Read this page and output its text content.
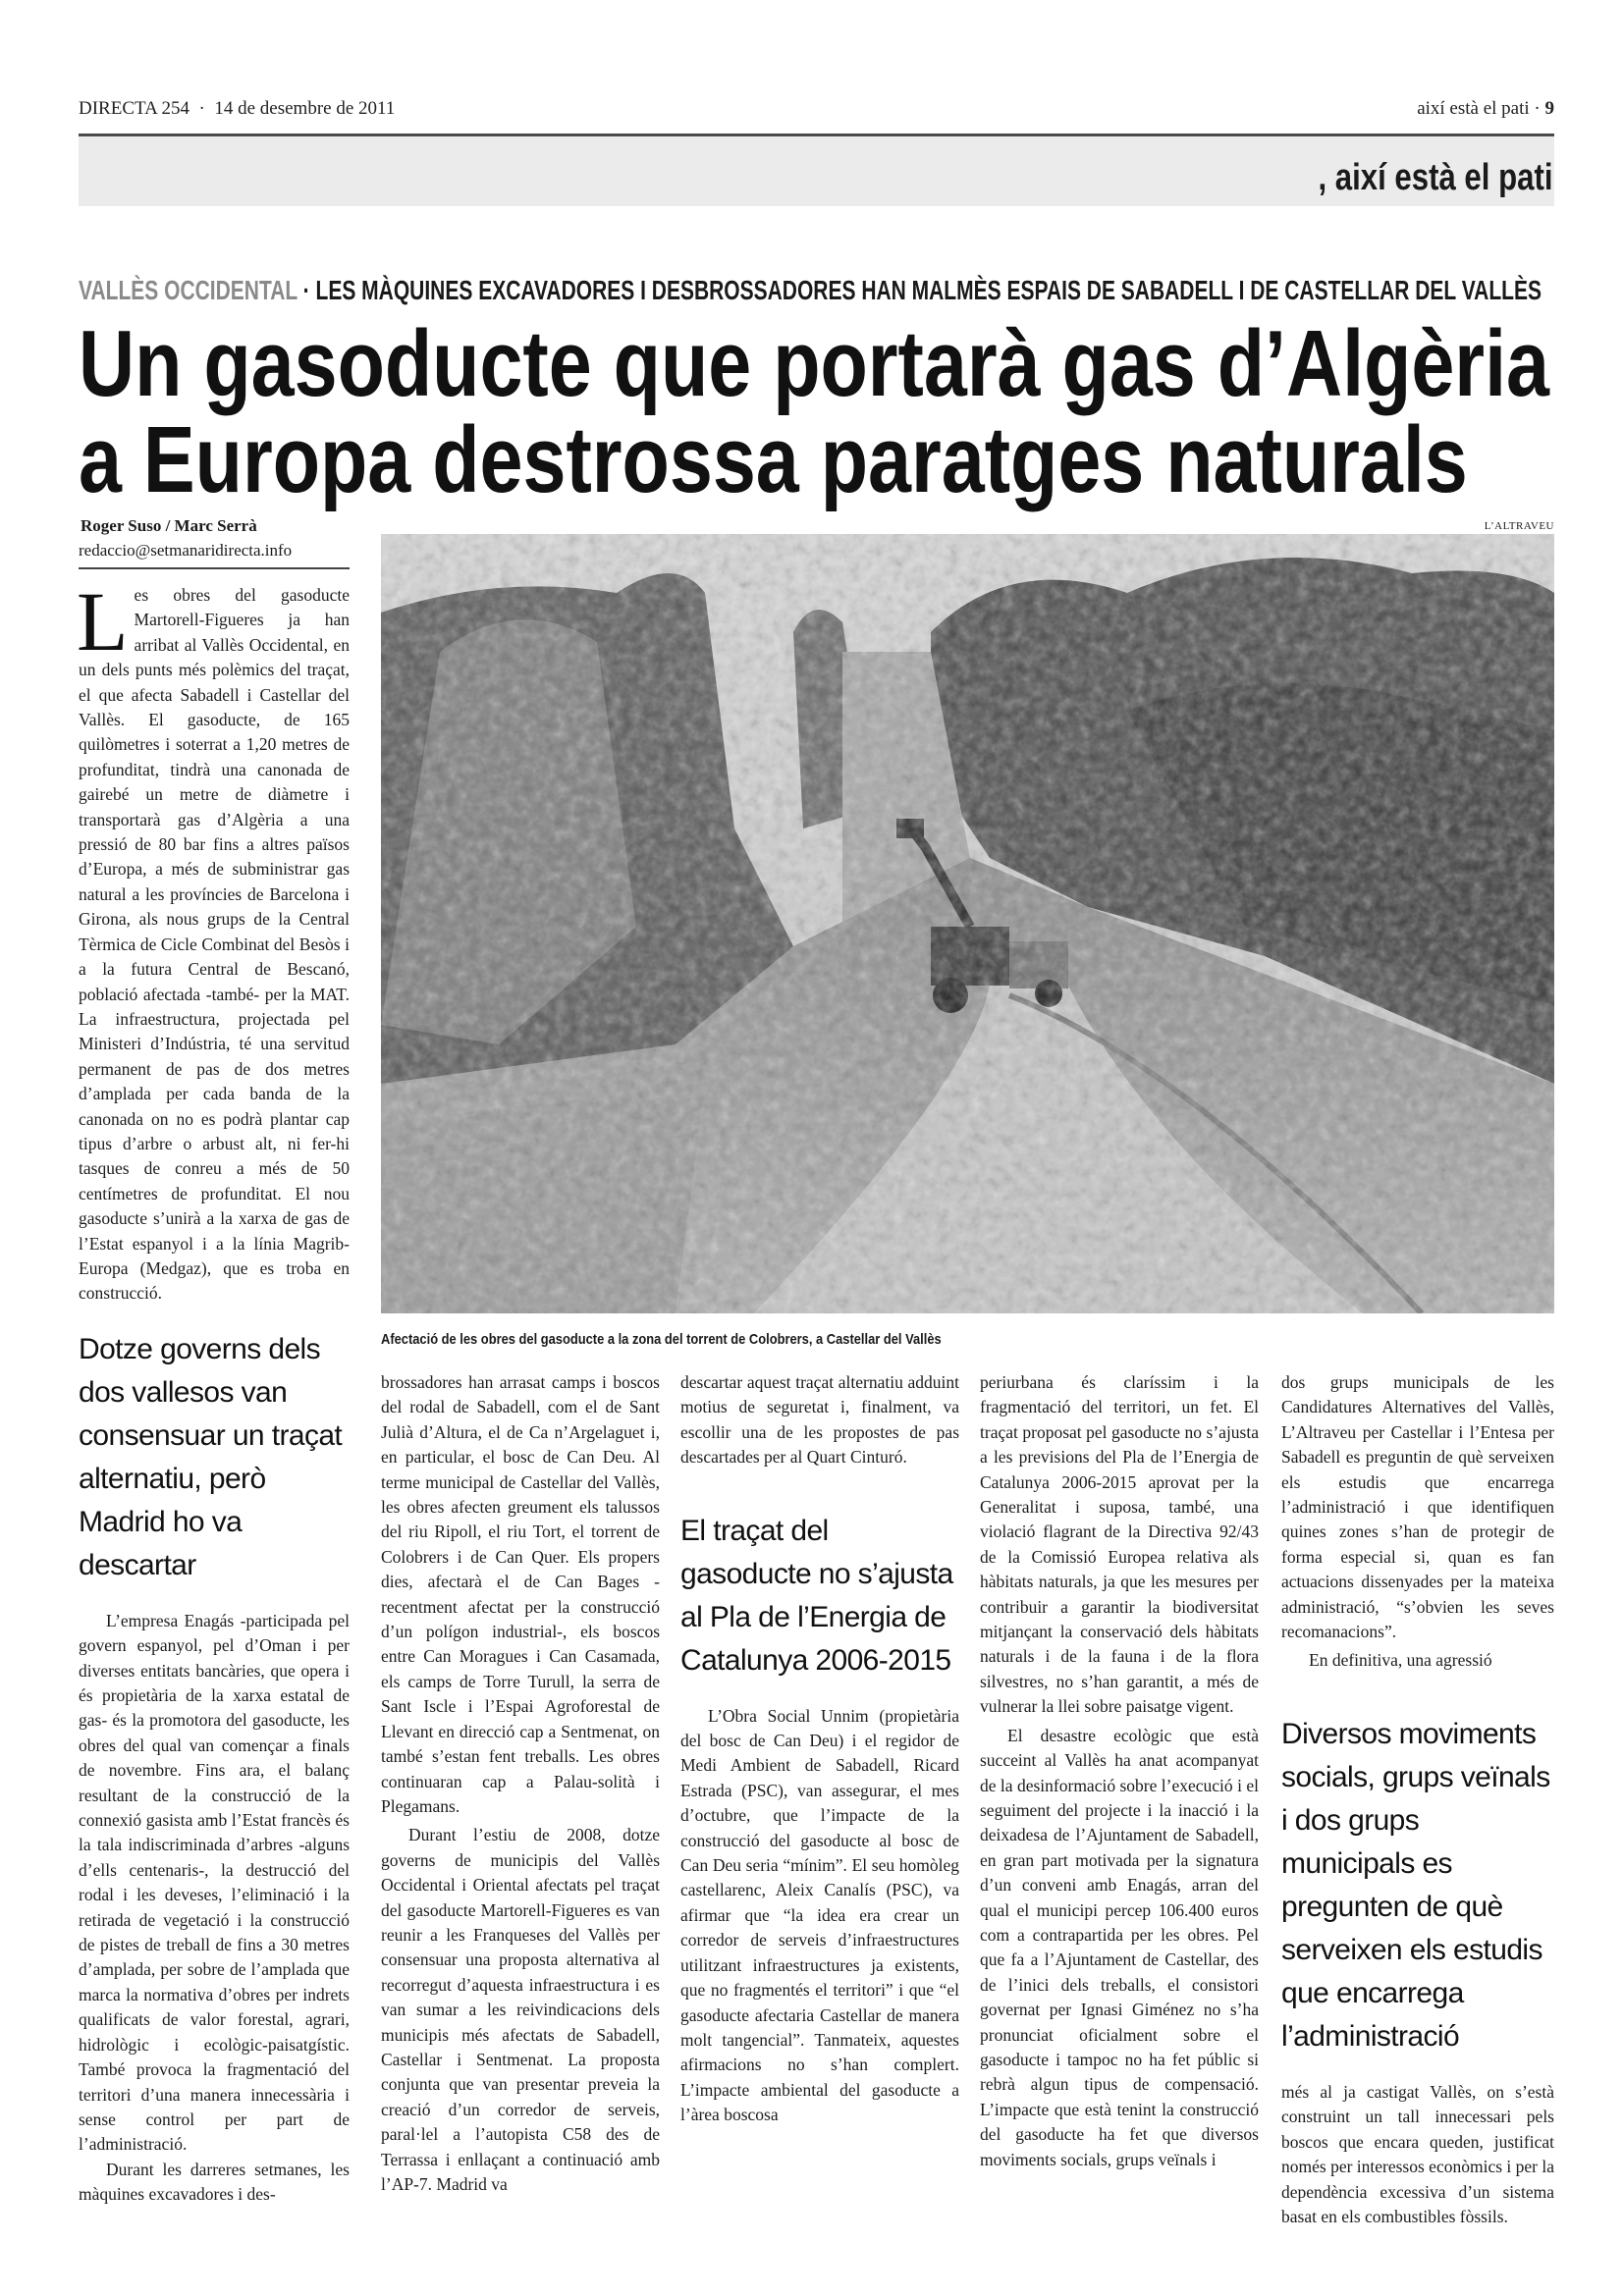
DIRECTA 254 · 14 de desembre de 2011	així està el pati · 9
, així està el pati
VALLÈS OCCIDENTAL · LES MÀQUINES EXCAVADORES I DESBROSSADORES HAN MALMÈS ESPAIS DE SABADELL I DE CASTELLAR DEL VALLÈS
Un gasoducte que portarà gas d’Algèria a Europa destrossa paratges naturals
Roger Suso / Marc Serrà
redaccio@setmanaridirecta.info
L’ALTRAVEU
Afectació de les obres del gasoducte a la zona del torrent de Colobrers, a Castellar del Vallès
L es obres del gasoducte Martorell-Figueres ja han arribat al Vallès Occidental, en un dels punts més polèmics del traçat, el que afecta Sabadell i Castellar del Vallès. El gasoducte, de 165 quilòmetres i soterrat a 1,20 metres de profunditat, tindrà una canonada de gairebé un metre de diàmetre i transportarà gas d’Algèria a una pressió de 80 bar fins a altres països d’Europa, a més de subministrar gas natural a les províncies de Barcelona i Girona, als nous grups de la Central Tèrmica de Cicle Combinat del Besòs i a la futura Central de Bescanó, població afectada -també- per la MAT. La infraestructura, projectada pel Ministeri d’Indústria, té una servitud permanent de pas de dos metres d’amplada per cada banda de la canonada on no es podrà plantar cap tipus d’arbre o arbust alt, ni fer-hi tasques de conreu a més de 50 centímetres de profunditat. El nou gasoducte s’unirà a la xarxa de gas de l’Estat espanyol i a la línia Magrib-Europa (Medgaz), que es troba en construcció.

Dotze governs dels dos vallesos van consensuar un traçat alternatiu, però Madrid ho va descartar

L’empresa Enagás -participada pel govern espanyol, pel d’Oman i per diverses entitats bancàries, que opera i és propietària de la xarxa estatal de gas- és la promotora del gasoducte, les obres del qual van començar a finals de novembre. Fins ara, el balanç resultant de la construcció de la connexió gasista amb l’Estat francès és la tala indiscriminada d’arbres -alguns d’ells centenaris-, la destrucció del rodal i les deveses, l’eliminació i la retirada de vegetació i la construcció de pistes de treball de fins a 30 metres d’amplada, per sobre de l’amplada que marca la normativa d’obres per indrets qualificats de valor forestal, agrari, hidrològic i ecològic-paisatgístic. També provoca la fragmentació del territori d’una manera innecessària i sense control per part de l’administració.

Durant les darreres setmanes, les màquines excavadores i des-

brossadores han arrasat camps i boscos del rodal de Sabadell, com el de Sant Julià d’Altura, el de Ca n’Argelaguet i, en particular, el bosc de Can Deu. Al terme municipal de Castellar del Vallès, les obres afecten greument els talussos del riu Ripoll, el riu Tort, el torrent de Colobrers i de Can Quer. Els propers dies, afectarà el de Can Bages -recentment afectat per la construcció d’un polígon industrial-, els boscos entre Can Moragues i Can Casamada, els camps de Torre Turull, la serra de Sant Iscle i l’Espai Agroforestal de Llevant en direcció cap a Sentmenat, on també s’estan fent treballs. Les obres continuaran cap a Palau-solità i Plegamans.

Durant l’estiu de 2008, dotze governs de municipis del Vallès Occidental i Oriental afectats pel traçat del gasoducte Martorell-Figueres es van reunir a les Franqueses del Vallès per consensuar una proposta alternativa al recorregut d’aquesta infraestructura i es van sumar a les reivindicacions dels municipis més afectats de Sabadell, Castellar i Sentmenat. La proposta conjunta que van presentar preveia la creació d’un corredor de serveis, paral·lel a l’autopista C58 des de Terrassa i enllaçant a continuació amb l’AP-7. Madrid va

descartar aquest traçat alternatiu adduint motius de seguretat i, finalment, va escollir una de les propostes de pas descartades per al Quart Cinturó.

El traçat del gasoducte no s’ajusta al Pla de l’Energia de Catalunya 2006-2015

L’Obra Social Unnim (propietària del bosc de Can Deu) i el regidor de Medi Ambient de Sabadell, Ricard Estrada (PSC), van assegurar, el mes d’octubre, que l’impacte de la construcció del gasoducte al bosc de Can Deu seria “mínim”. El seu homòleg castellarenc, Aleix Canalís (PSC), va afirmar que “la idea era crear un corredor de serveis d’infraestructures utilitzant infraestructures ja existents, que no fragmentés el territori” i que “el gasoducte afectaria Castellar de manera molt tangencial”. Tanmateix, aquestes afirmacions no s’han complert. L’impacte ambiental del gasoducte a l’àrea boscosa

periurbana és claríssim i la fragmentació del territori, un fet. El traçat proposat pel gasoducte no s’ajusta a les previsions del Pla de l’Energia de Catalunya 2006-2015 aprovat per la Generalitat i suposa, també, una violació flagrant de la Directiva 92/43 de la Comissió Europea relativa als hàbitats naturals, ja que les mesures per contribuir a garantir la biodiversitat mitjançant la conservació dels hàbitats naturals i de la fauna i de la flora silvestres, no s’han garantit, a més de vulnerar la llei sobre paisatge vigent.

El desastre ecològic que està succeint al Vallès ha anat acompanyat de la desinformació sobre l’execució i el seguiment del projecte i la inacció i la deixadesa de l’Ajuntament de Sabadell, en gran part motivada per la signatura d’un conveni amb Enagás, arran del qual el municipi percep 106.400 euros com a contrapartida per les obres. Pel que fa a l’Ajuntament de Castellar, des de l’inici dels treballs, el consistori governat per Ignasi Giménez no s’ha pronunciat oficialment sobre el gasoducte i tampoc no ha fet públic si rebrà algun tipus de compensació. L’impacte que està tenint la construcció del gasoducte ha fet que diversos moviments socials, grups veïnals i

dos grups municipals de les Candidatures Alternatives del Vallès, L’Altraveu per Castellar i l’Entesa per Sabadell es preguntin de què serveixen els estudis que encarrega l’administració i que identifiquen quines zones s’han de protegir de forma especial si, quan es fan actuacions dissenyades per la mateixa administració, “s’obvien les seves recomanacions”.

En definitiva, una agressió

Diversos moviments socials, grups veïnals i dos grups municipals es pregunten de què serveixen els estudis que encarrega l’administració

més al ja castigat Vallès, on s’està construint un tall innecessari pels boscos que encara queden, justificat només per interessos econòmics i per la dependència excessiva d’un sistema basat en els combustibles fòssils.
